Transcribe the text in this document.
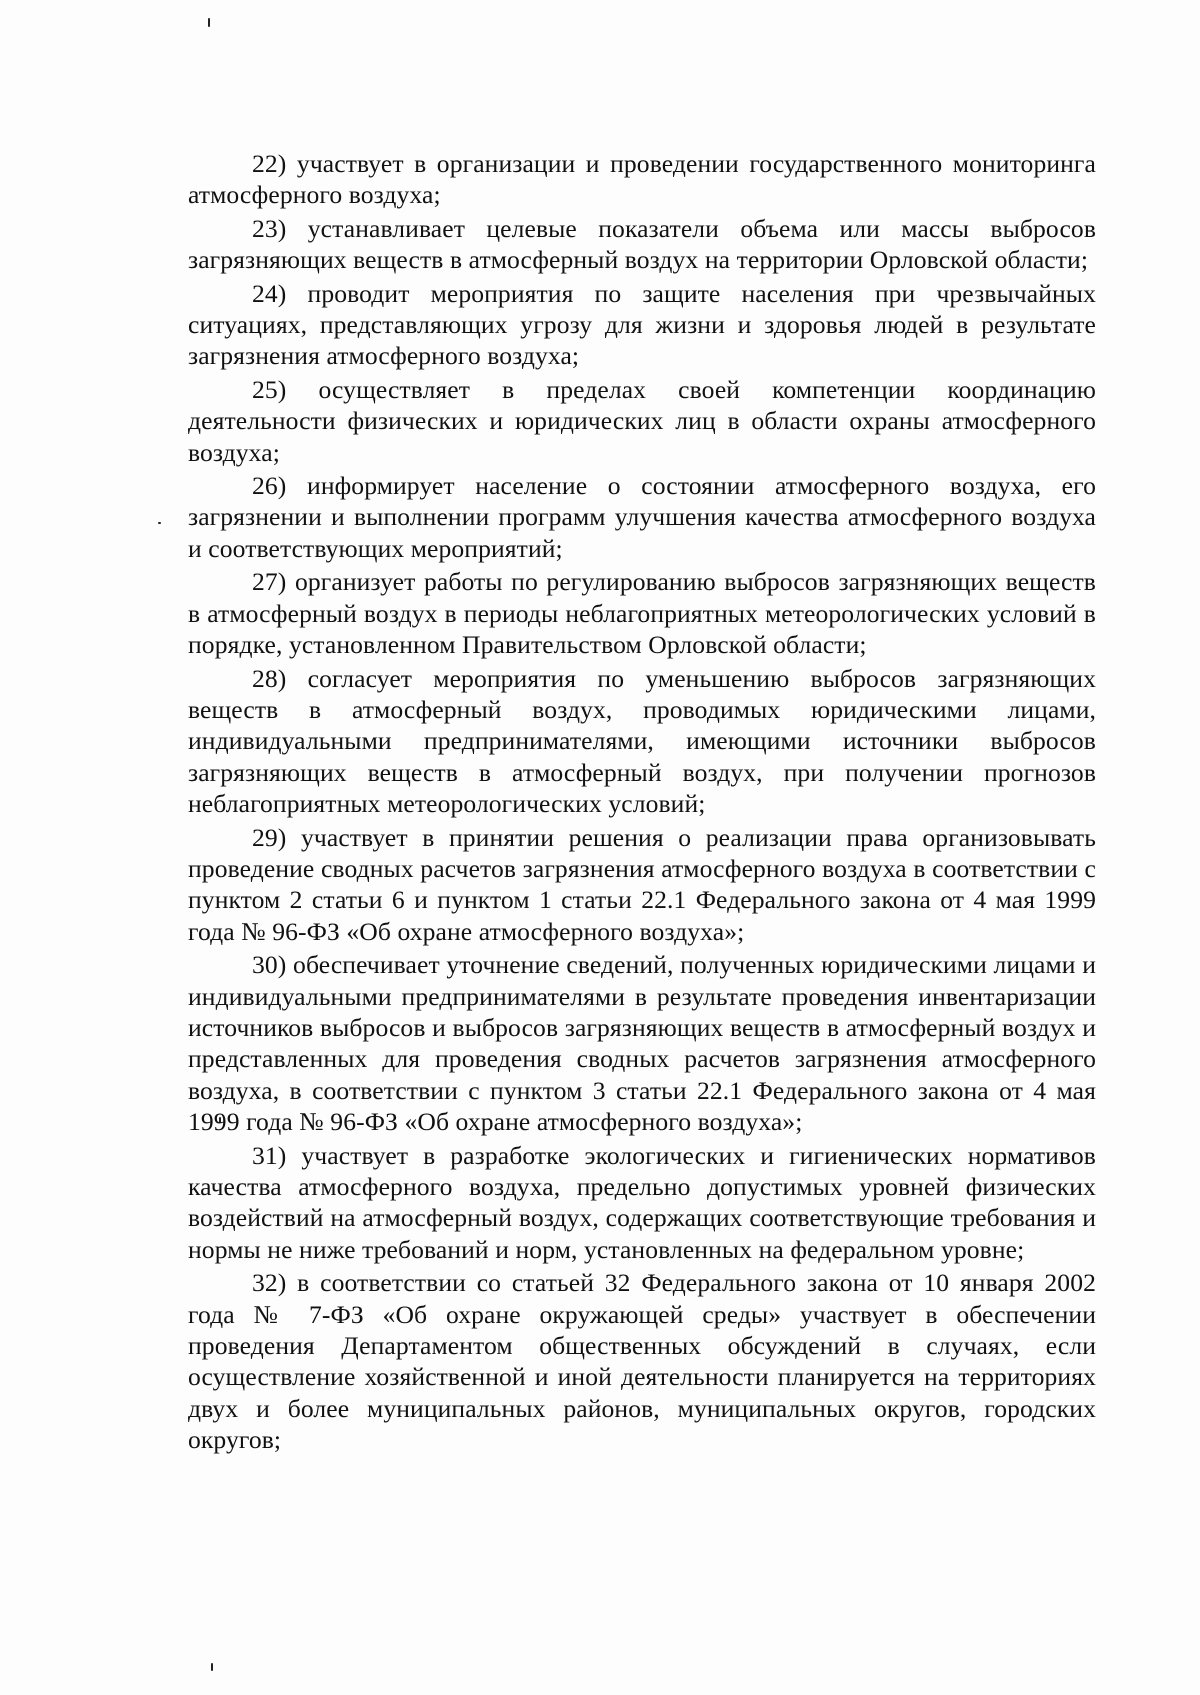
22) участвует в организации и проведении государственного мониторинга атмосферного воздуха;

23) устанавливает целевые показатели объема или массы выбросов загрязняющих веществ в атмосферный воздух на территории Орловской области;

24) проводит мероприятия по защите населения при чрезвычайных ситуациях, представляющих угрозу для жизни и здоровья людей в результате загрязнения атмосферного воздуха;

25) осуществляет в пределах своей компетенции координацию деятельности физических и юридических лиц в области охраны атмосферного воздуха;

26) информирует население о состоянии атмосферного воздуха, его загрязнении и выполнении программ улучшения качества атмосферного воздуха и соответствующих мероприятий;

27) организует работы по регулированию выбросов загрязняющих веществ в атмосферный воздух в периоды неблагоприятных метеорологических условий в порядке, установленном Правительством Орловской области;

28) согласует мероприятия по уменьшению выбросов загрязняющих веществ в атмосферный воздух, проводимых юридическими лицами, индивидуальными предпринимателями, имеющими источники выбросов загрязняющих веществ в атмосферный воздух, при получении прогнозов неблагоприятных метеорологических условий;

29) участвует в принятии решения о реализации права организовывать проведение сводных расчетов загрязнения атмосферного воздуха в соответствии с пунктом 2 статьи 6 и пунктом 1 статьи 22.1 Федерального закона от 4 мая 1999 года № 96-ФЗ «Об охране атмосферного воздуха»;

30) обеспечивает уточнение сведений, полученных юридическими лицами и индивидуальными предпринимателями в результате проведения инвентаризации источников выбросов и выбросов загрязняющих веществ в атмосферный воздух и представленных для проведения сводных расчетов загрязнения атмосферного воздуха, в соответствии с пунктом 3 статьи 22.1 Федерального закона от 4 мая 1999 года № 96-ФЗ «Об охране атмосферного воздуха»;

31) участвует в разработке экологических и гигиенических нормативов качества атмосферного воздуха, предельно допустимых уровней физических воздействий на атмосферный воздух, содержащих соответствующие требования и нормы не ниже требований и норм, установленных на федеральном уровне;

32) в соответствии со статьей 32 Федерального закона от 10 января 2002 года № 7-ФЗ «Об охране окружающей среды» участвует в обеспечении проведения Департаментом общественных обсуждений в случаях, если осуществление хозяйственной и иной деятельности планируется на территориях двух и более муниципальных районов, муниципальных округов, городских округов;
